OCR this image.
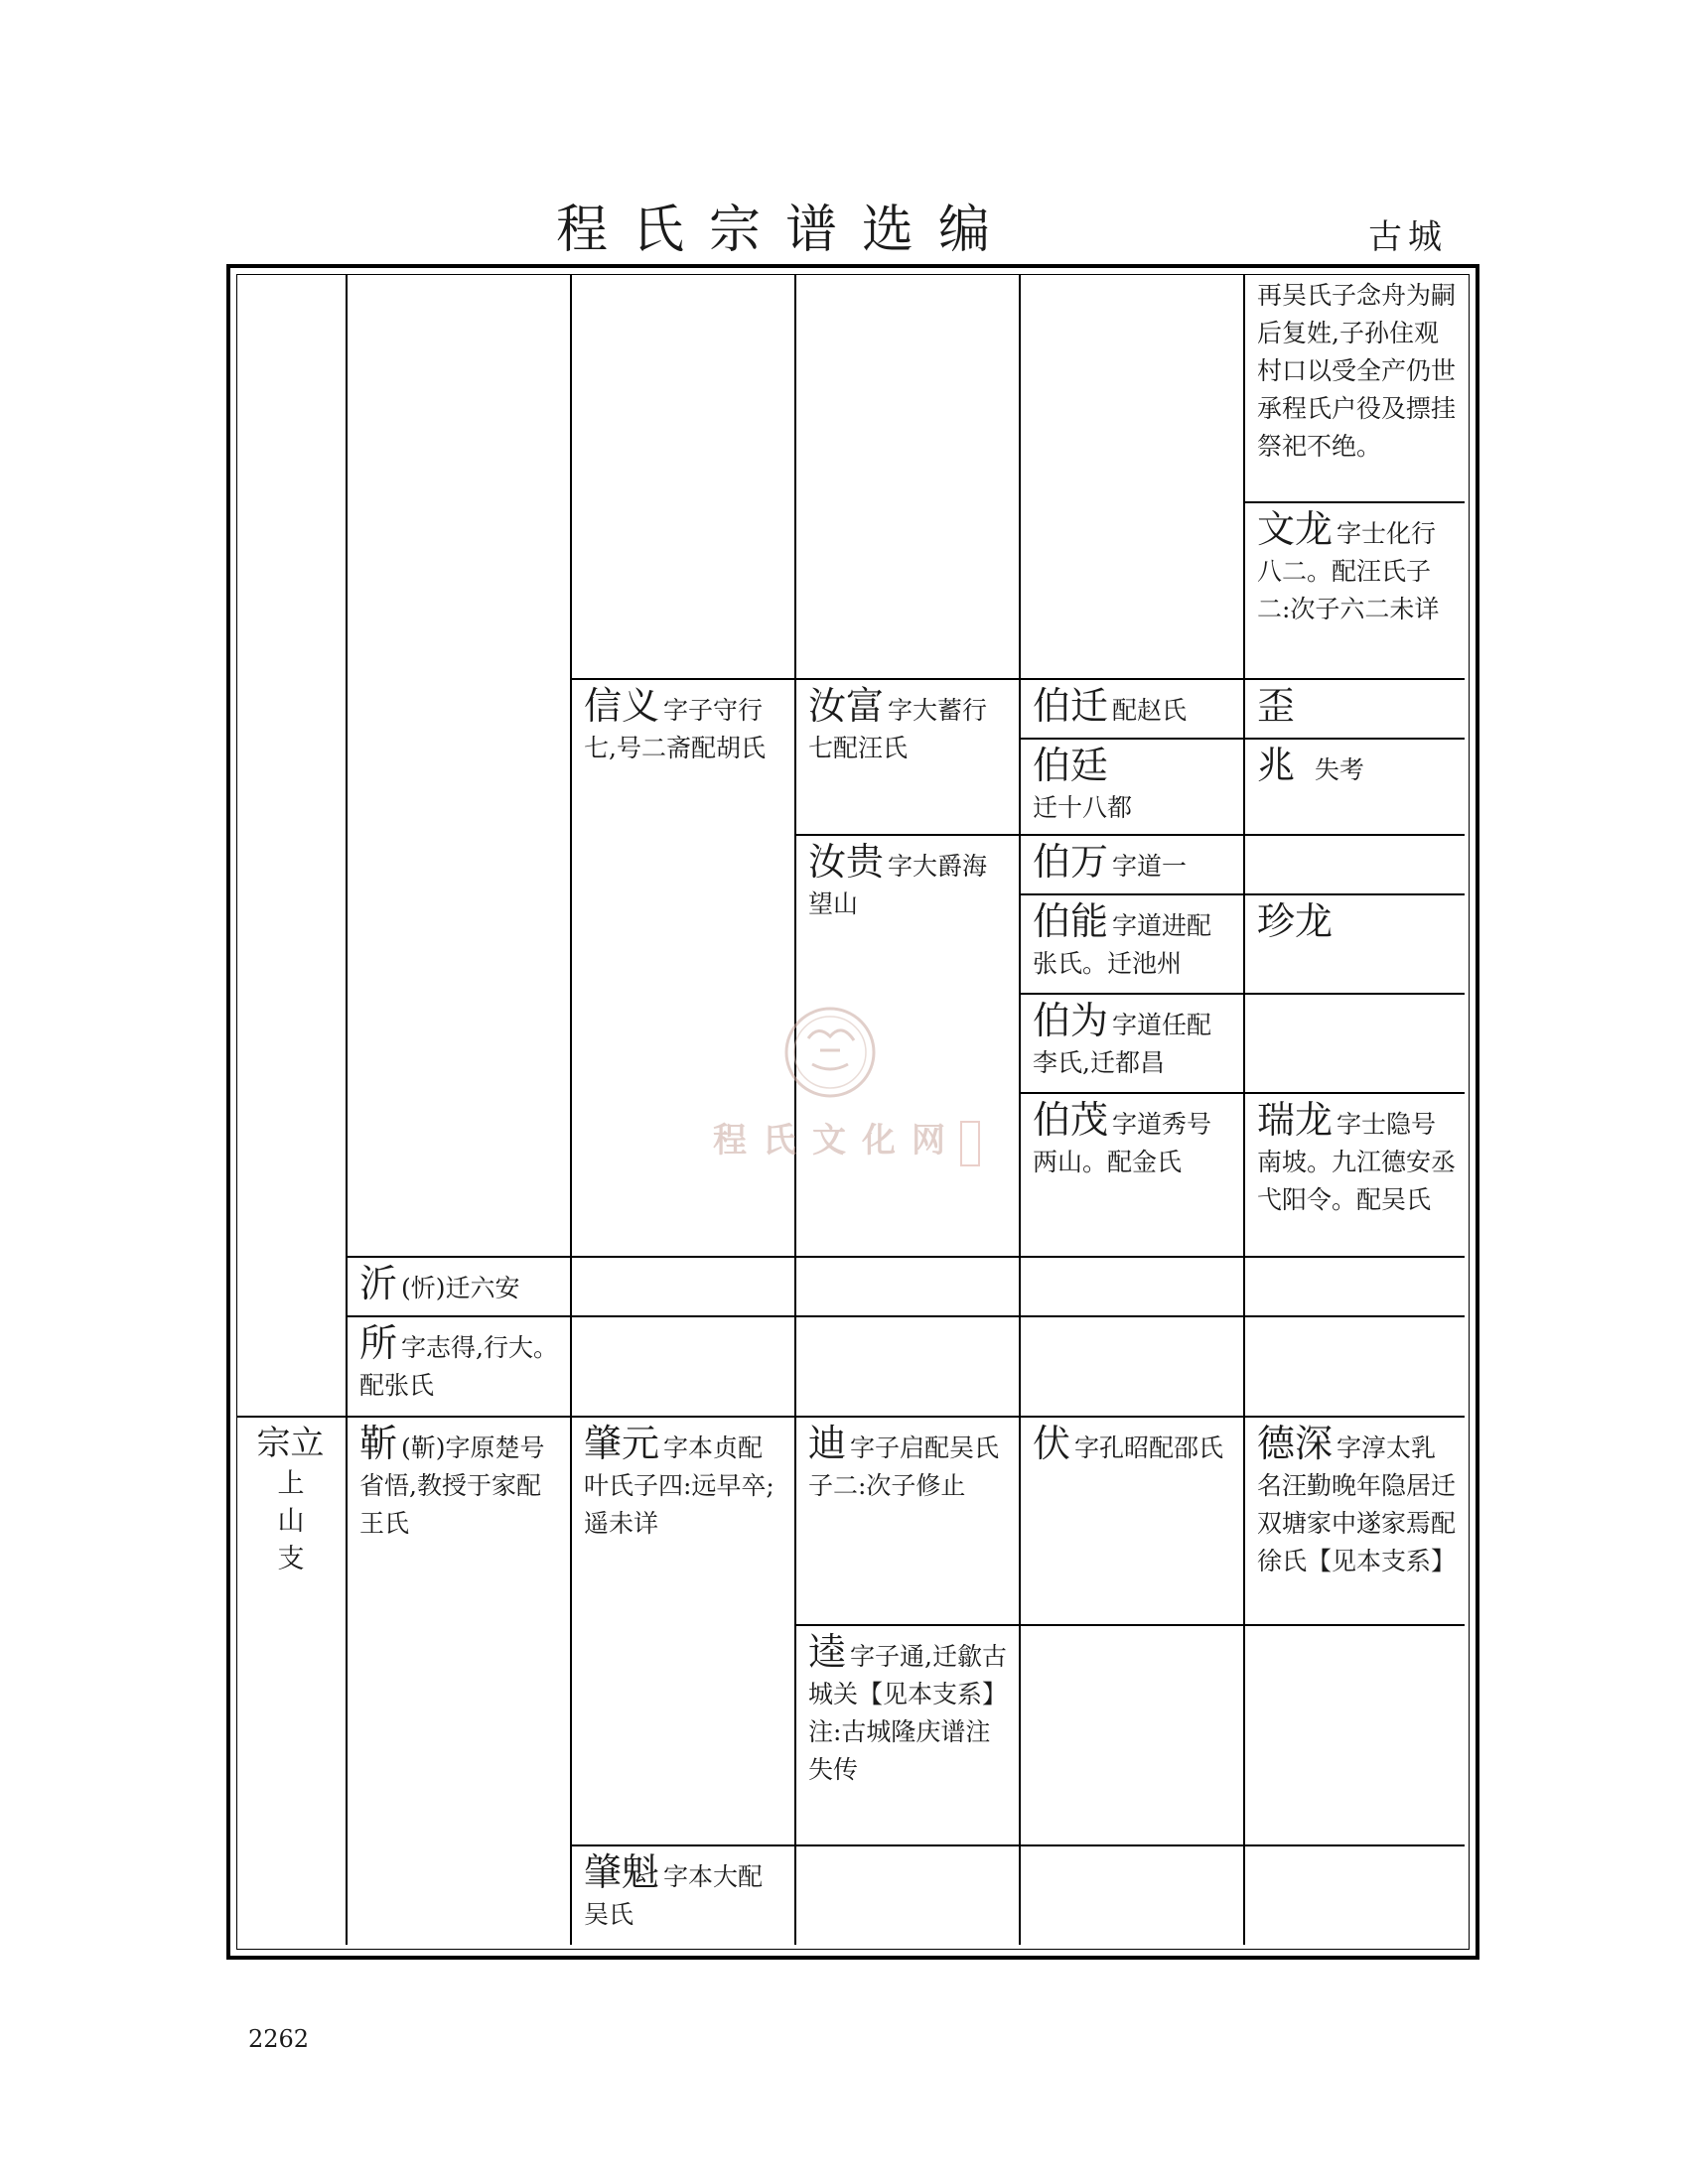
程氏宗谱选编	古城
宗立
上山支
沂 (忻)迁六安
所字志得,行大。配张氏
靳 (靳)字原楚号省悟,教授于家配王氏
信义 字子守行七,号二斋配胡氏
肇元 字本贞配叶氏子四:远早卒;遥未详
肇魁 字本大配吴氏
汝富 字大蓄行七配汪氏
汝贵 字大爵海望山
迪字子启配吴氏子二:次子修止
逵字子通,迁歙古城关【见本支系】注:古城隆庆谱注失传
伯迁 配赵氏
伯廷
迁十八都
伯万 字道一
伯能 字道进配张氏。迁池州
伯为 字道任配李氏,迁都昌
伯茂 字道秀号两山。配金氏
伏字孔昭配邵氏
再吴氏子念舟为嗣后复姓,子孙住观村口以受全产仍世承程氏户役及摽挂祭祀不绝。
文龙 字士化行八二。配汪氏子二:次子六二未详
歪
兆 失考
珍龙
瑞龙 字士隐号南坡。九江德安丞弋阳令。配吴氏
德深 字淳太乳名汪勤晚年隐居迁双塘家中遂家焉配徐氏【见本支系】
程氏文化网
2262
